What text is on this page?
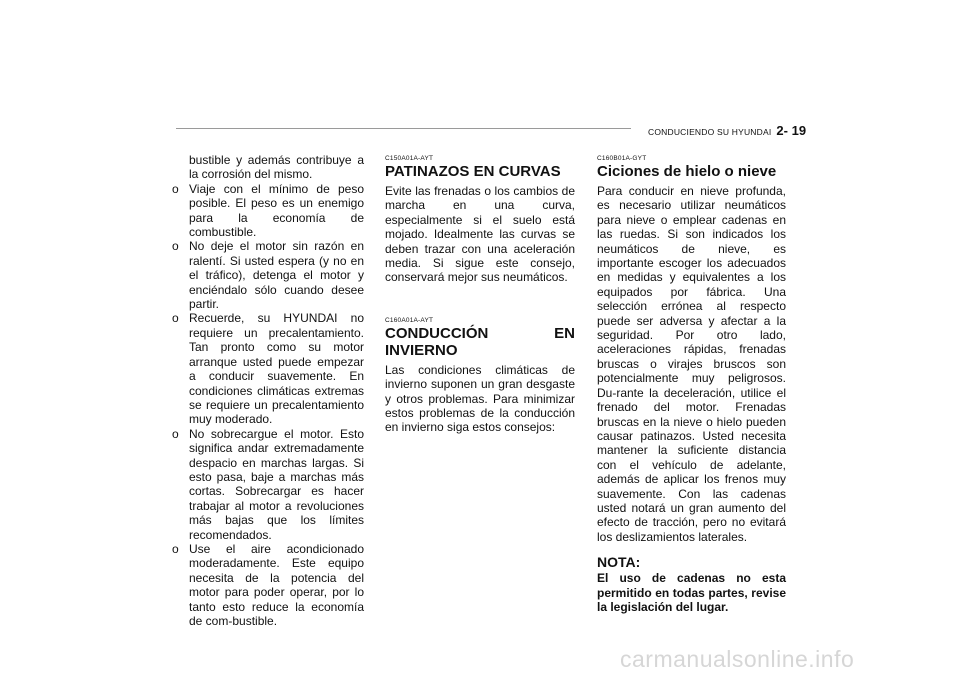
CONDUCIENDO SU HYUNDAI 2- 19

bustible y además contribuye a la corrosión del mismo.

o Viaje con el mínimo de peso posible. El peso es un enemigo para la economía de combustible.
o No deje el motor sin razón en ralentí. Si usted espera (y no en el tráfico), detenga el motor y enciéndalo sólo cuando desee partir.
o Recuerde, su HYUNDAI no requiere un precalentamiento. Tan pronto como su motor arranque usted puede empezar a conducir suavemente. En condiciones climáticas extremas se requiere un precalentamiento muy moderado.
o No sobrecargue el motor. Esto significa andar extremadamente despacio en marchas largas. Si esto pasa, baje a marchas más cortas. Sobrecargar es hacer trabajar al motor a revoluciones más bajas que los límites recomendados.
o Use el aire acondicionado moderadamente. Este equipo necesita de la potencia del motor para poder operar, por lo tanto esto reduce la economía de com-bustible.

C150A01A-AYT

PATINAZOS EN CURVAS

Evite las frenadas o los cambios de marcha en una curva, especialmente si el suelo está mojado. Idealmente las curvas se deben trazar con una aceleración media. Si sigue este consejo, conservará mejor sus neumáticos.

C160A01A-AYT

CONDUCCIÓN EN INVIERNO

Las condiciones climáticas de invierno suponen un gran desgaste y otros problemas. Para minimizar estos problemas de la conducción en invierno siga estos consejos:

C160B01A-GYT

Ciciones de hielo o nieve

Para conducir en nieve profunda, es necesario utilizar neumáticos para nieve o emplear cadenas en las ruedas. Si son indicados los neumáticos de nieve, es importante escoger los adecuados en medidas y equivalentes a los equipados por fábrica. Una selección errónea al respecto puede ser adversa y afectar a la seguridad. Por otro lado, aceleraciones rápidas, frenadas bruscas o virajes bruscos son potencialmente muy peligrosos. Du-rante la deceleración, utilice el frenado del motor. Frenadas bruscas en la nieve o hielo pueden causar patinazos. Usted necesita mantener la suficiente distancia con el vehículo de adelante, además de aplicar los frenos muy suavemente. Con las cadenas usted notará un gran aumento del efecto de tracción, pero no evitará los deslizamientos laterales.

NOTA:

El uso de cadenas no esta permitido en todas partes, revise la legislación del lugar.

carmanualsonline.info
